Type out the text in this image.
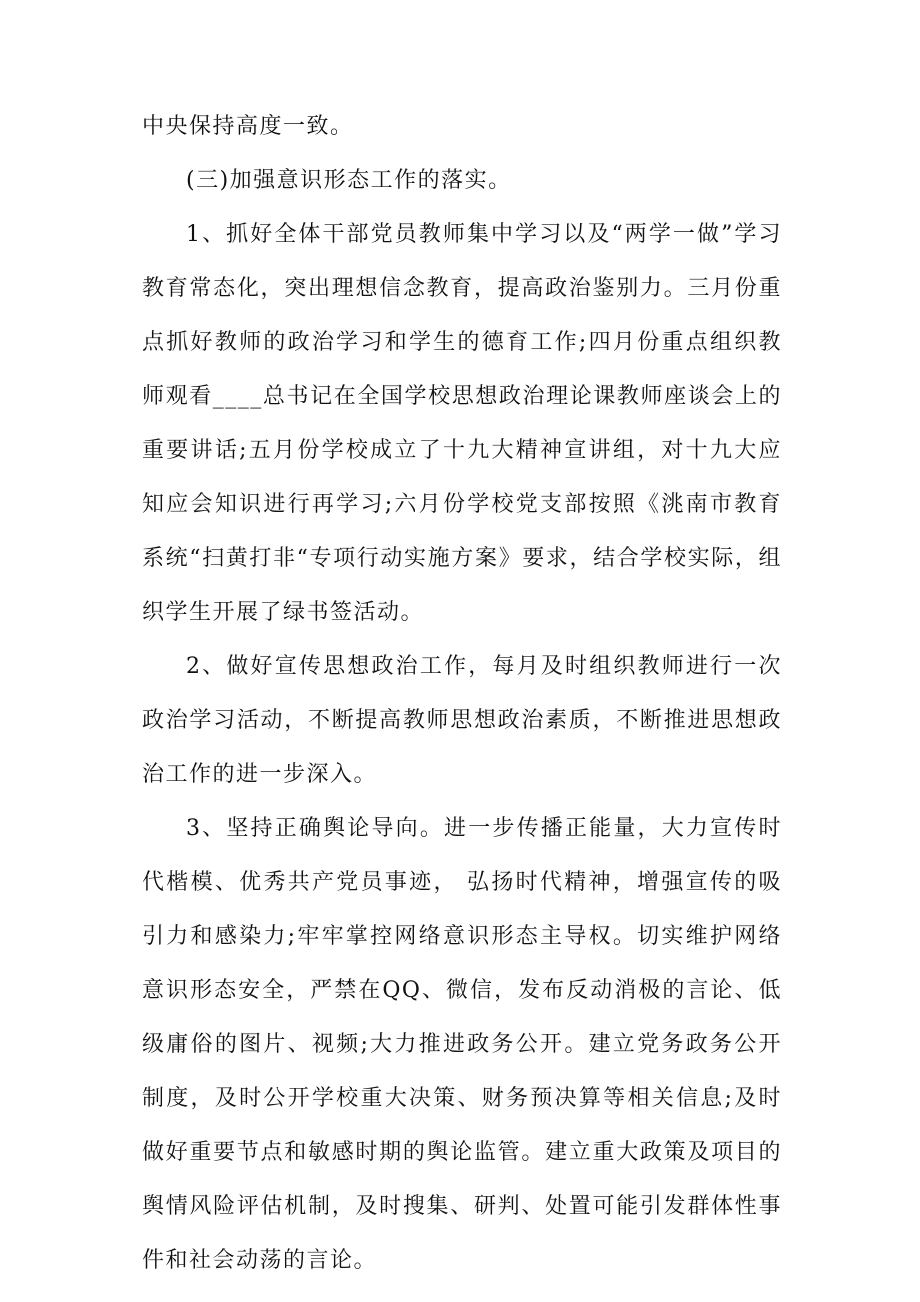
中央保持高度一致。

(三)加强意识形态工作的落实。

1、抓好全体干部党员教师集中学习以及“两学一做”学习教育常态化，突出理想信念教育，提高政治鉴别力。三月份重点抓好教师的政治学习和学生的德育工作;四月份重点组织教师观看____总书记在全国学校思想政治理论课教师座谈会上的重要讲话;五月份学校成立了十九大精神宣讲组，对十九大应知应会知识进行再学习;六月份学校党支部按照《洮南市教育系统“扫黄打非“专项行动实施方案》要求，结合学校实际，组织学生开展了绿书签活动。

2、做好宣传思想政治工作，每月及时组织教师进行一次政治学习活动，不断提高教师思想政治素质，不断推进思想政治工作的进一步深入。

3、坚持正确舆论导向。进一步传播正能量，大力宣传时代楷模、优秀共产党员事迹， 弘扬时代精神，增强宣传的吸引力和感染力;牢牢掌控网络意识形态主导权。切实维护网络意识形态安全，严禁在QQ、微信，发布反动消极的言论、低级庸俗的图片、视频;大力推进政务公开。建立党务政务公开制度，及时公开学校重大决策、财务预决算等相关信息;及时做好重要节点和敏感时期的舆论监管。建立重大政策及项目的舆情风险评估机制，及时搜集、研判、处置可能引发群体性事件和社会动荡的言论。
